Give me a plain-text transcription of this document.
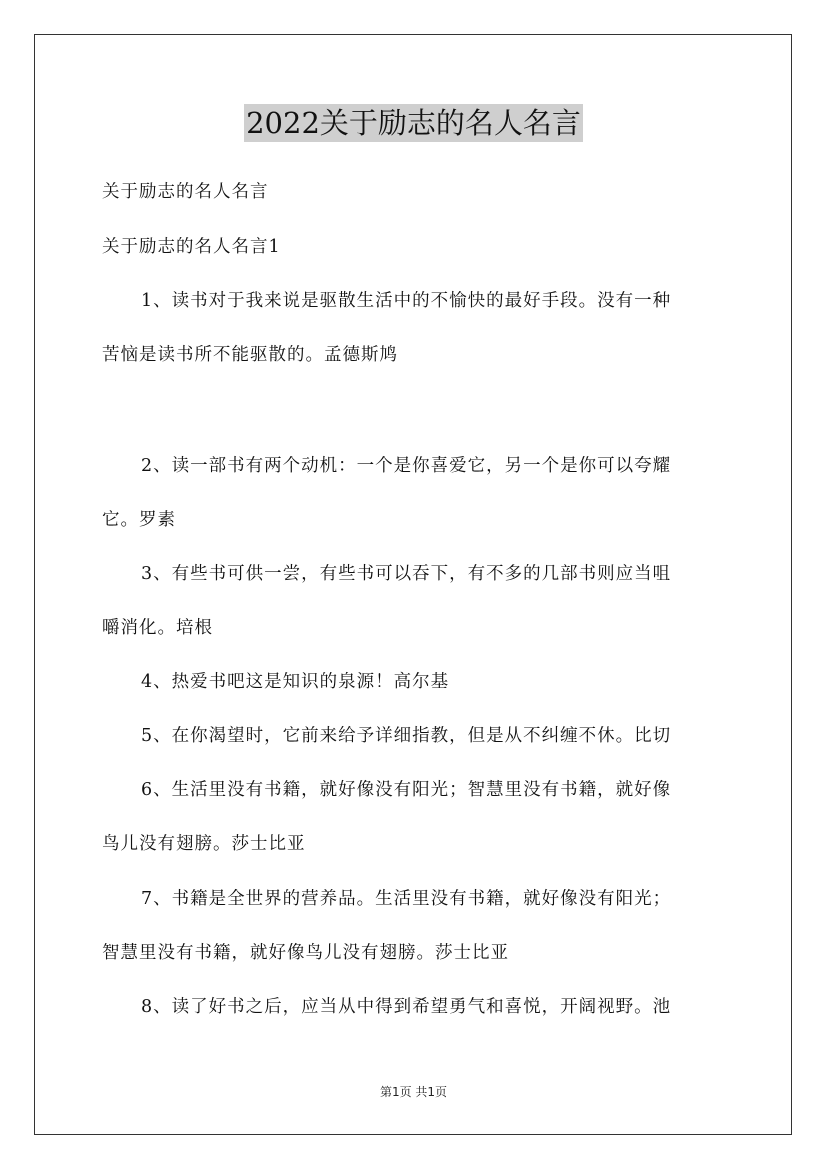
2022关于励志的名人名言
关于励志的名人名言
关于励志的名人名言1
1、读书对于我来说是驱散生活中的不愉快的最好手段。没有一种
苦恼是读书所不能驱散的。孟德斯鸠
2、读一部书有两个动机：一个是你喜爱它，另一个是你可以夸耀
它。罗素
3、有些书可供一尝，有些书可以吞下，有不多的几部书则应当咀
嚼消化。培根
4、热爱书吧这是知识的泉源！高尔基
5、在你渴望时，它前来给予详细指教，但是从不纠缠不休。比切
6、生活里没有书籍，就好像没有阳光；智慧里没有书籍，就好像
鸟儿没有翅膀。莎士比亚
7、书籍是全世界的营养品。生活里没有书籍，就好像没有阳光；
智慧里没有书籍，就好像鸟儿没有翅膀。莎士比亚
8、读了好书之后，应当从中得到希望勇气和喜悦，开阔视野。池
第1页 共1页
